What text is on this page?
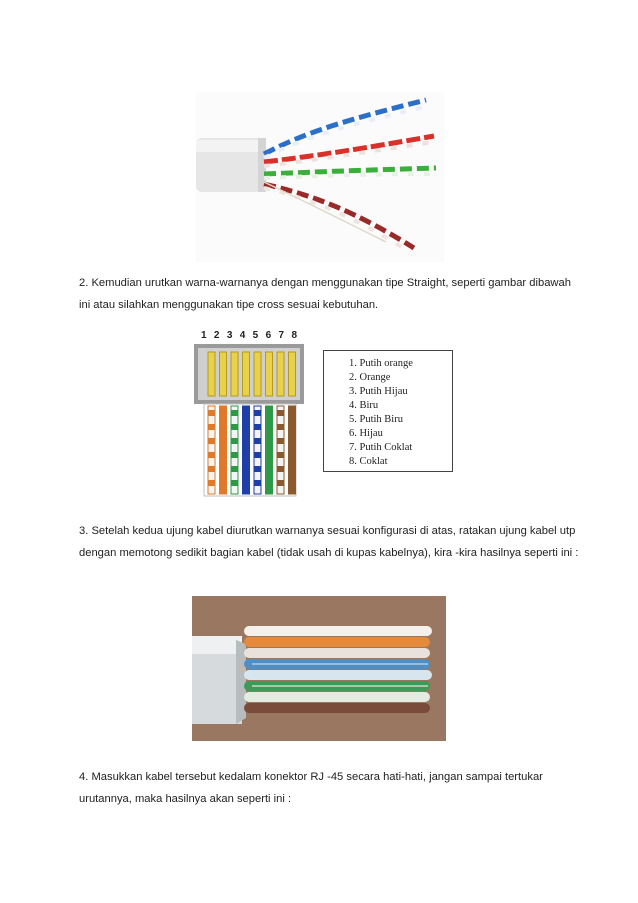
2. Kemudian urutkan warna-warnanya dengan menggunakan tipe Straight, seperti gambar dibawah ini atau silahkan menggunakan tipe cross sesuai kebutuhan.

12345678
1. Putih orange
2. Orange
3. Putih Hijau
4. Biru
5. Putih Biru
6. Hijau
7. Putih Coklat
8. Coklat

3. Setelah kedua ujung kabel diurutkan warnanya sesuai konfigurasi di atas, ratakan ujung kabel utp dengan memotong sedikit bagian kabel (tidak usah di kupas kabelnya), kira -kira hasilnya seperti ini :

4. Masukkan kabel tersebut kedalam konektor RJ -45 secara hati-hati, jangan sampai tertukar urutannya, maka hasilnya akan seperti ini :
